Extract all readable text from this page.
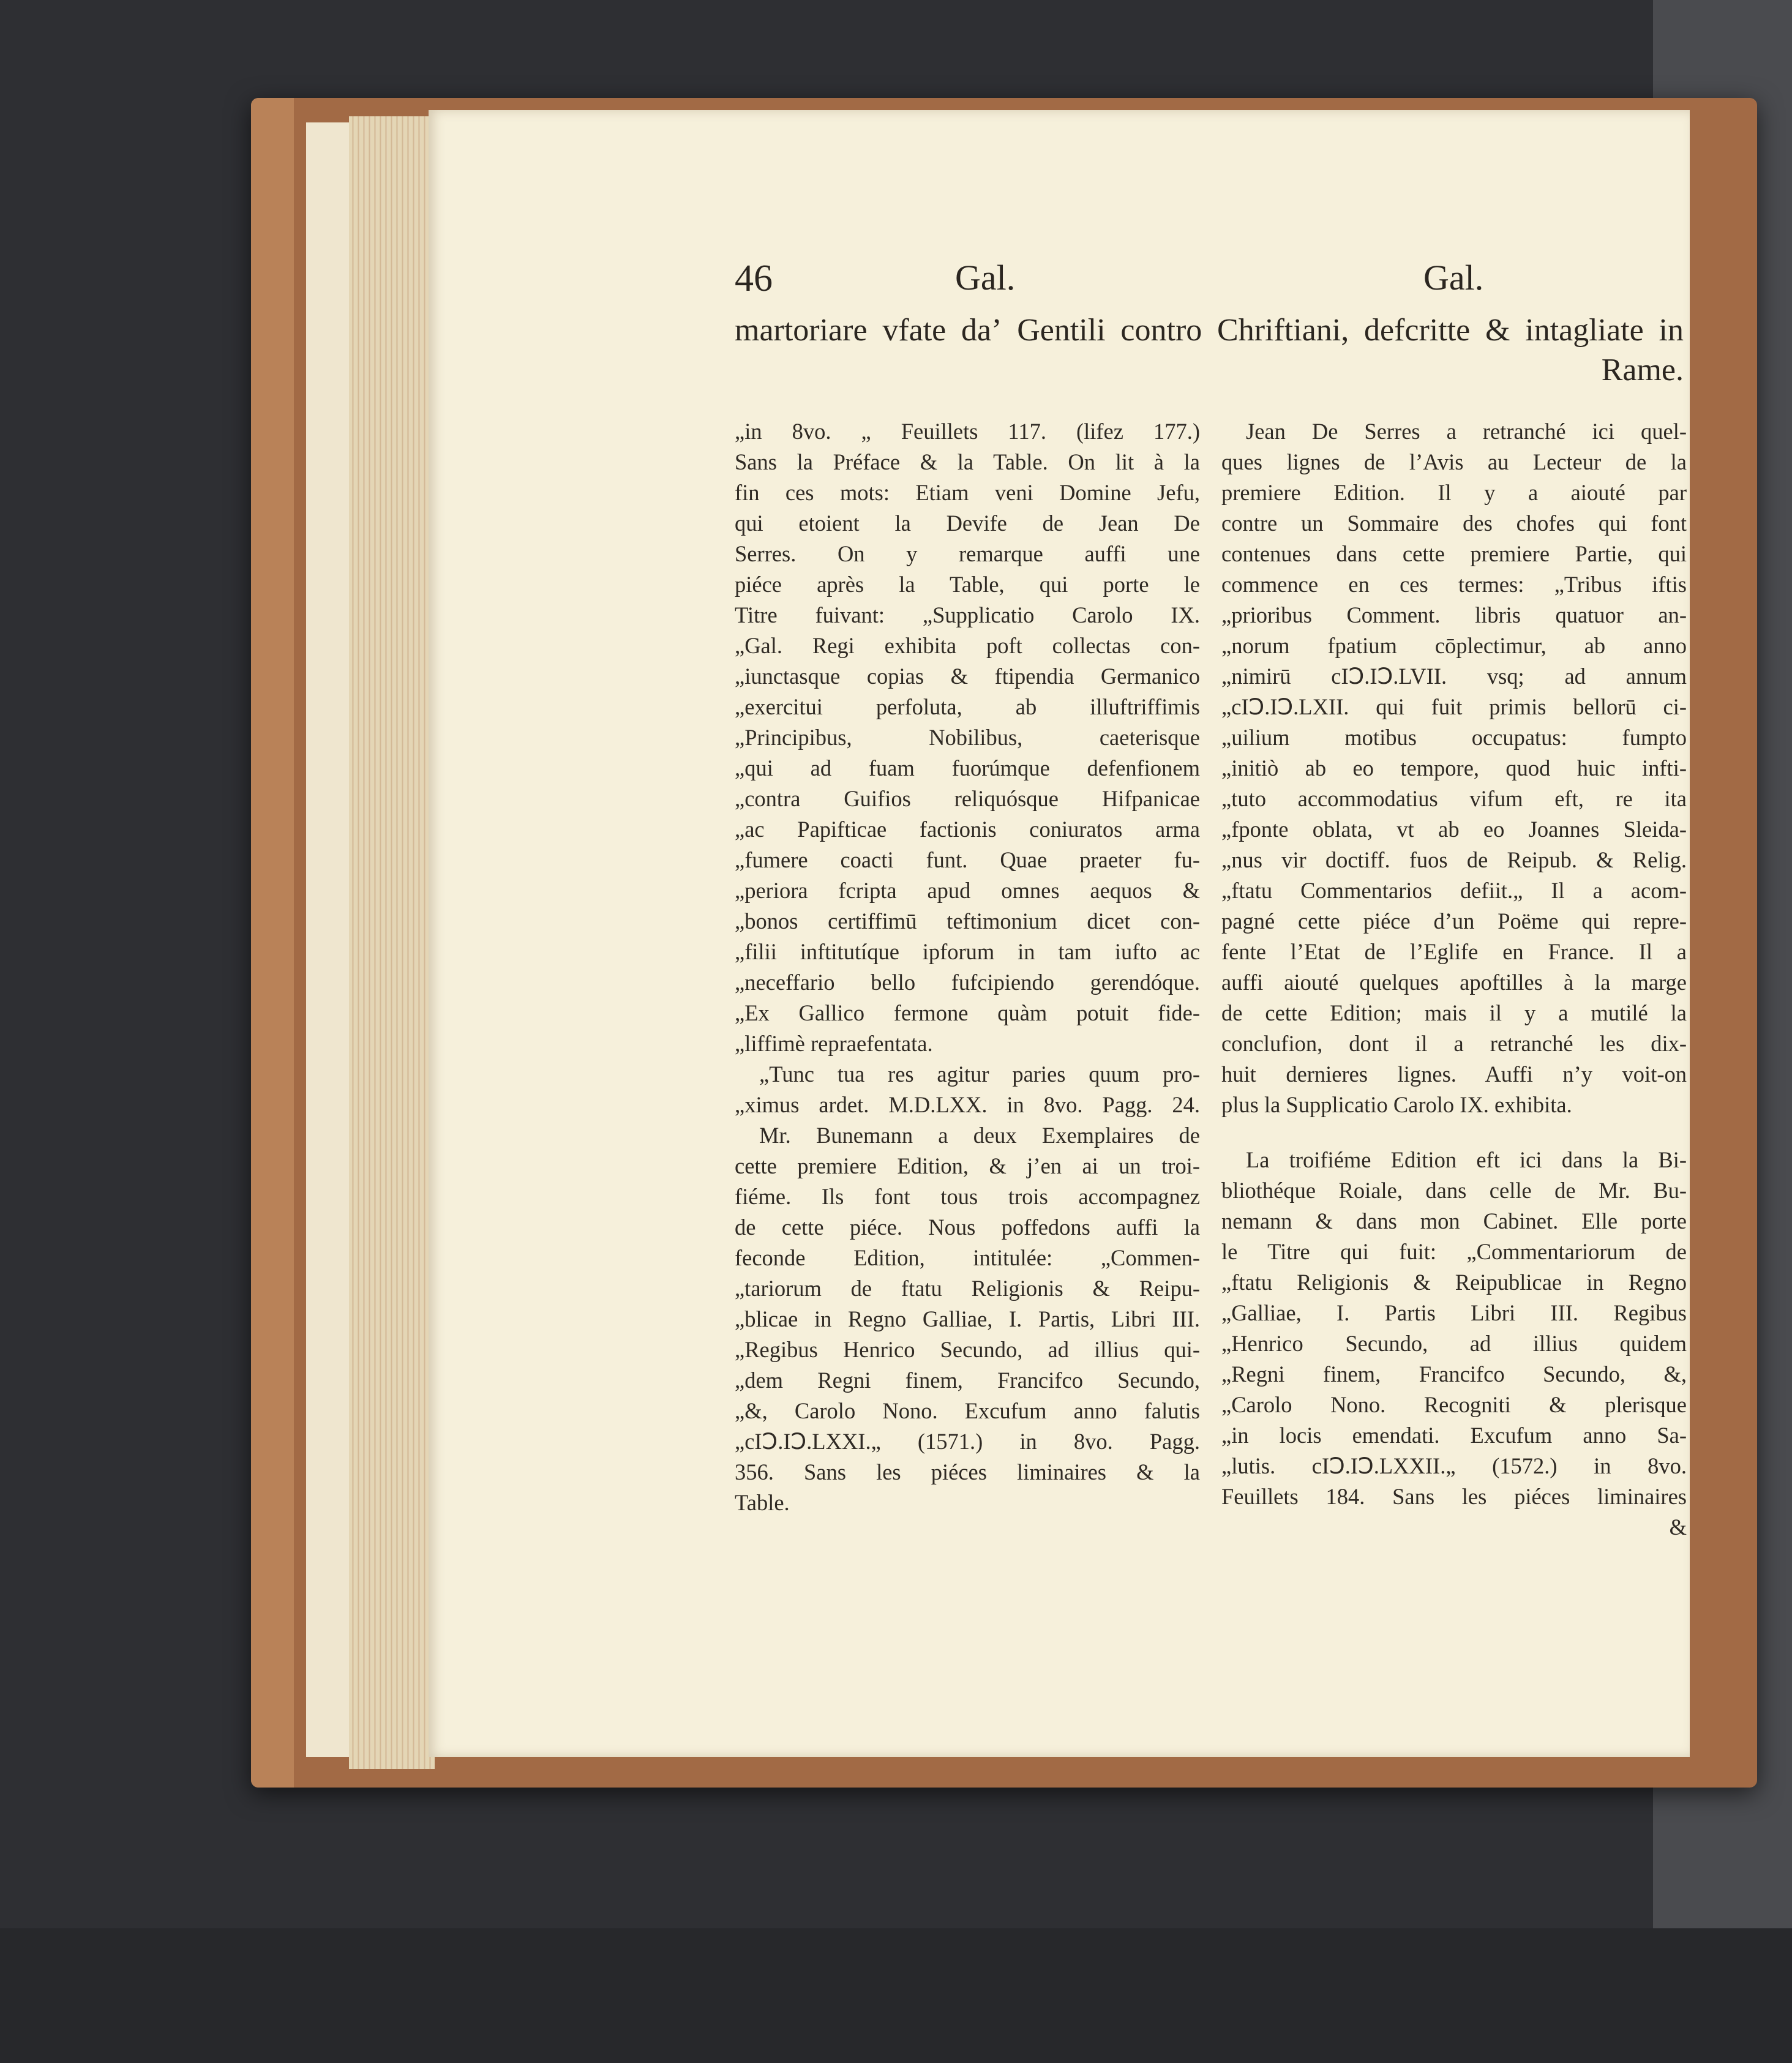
46	Gal.	Gal.
martoriare vfate da’ Gentili contro Chriftiani, defcritte & intagliate in
Rame.
„in 8vo. „ Feuillets 117. (lifez 177.)
Sans la Préface & la Table. On lit à la
fin ces mots: Etiam veni Domine Jefu,
qui etoient la Devife de Jean De
Serres. On y remarque auffi une
piéce après la Table, qui porte le
Titre fuivant: „Supplicatio Carolo IX.
„Gal. Regi exhibita poft collectas con-
„iunctasque copias & ftipendia Germanico
„exercitui perfoluta, ab illuftriffimis
„Principibus, Nobilibus, caeterisque
„qui ad fuam fuorúmque defenfionem
„contra Guifios reliquósque Hifpanicae
„ac Papifticae factionis coniuratos arma
„fumere coacti funt. Quae praeter fu-
„periora fcripta apud omnes aequos &
„bonos certiffimū teftimonium dicet con-
„filii inftitutíque ipforum in tam iufto ac
„neceffario bello fufcipiendo gerendóque.
„Ex Gallico fermone quàm potuit fide-
„liffimè repraefentata.
„Tunc tua res agitur paries quum pro-
„ximus ardet. M.D.LXX. in 8vo. Pagg. 24.
Mr. Bunemann a deux Exemplaires de
cette premiere Edition, & j’en ai un troi-
fiéme. Ils font tous trois accompagnez
de cette piéce. Nous poffedons auffi la
feconde Edition, intitulée: „Commen-
„tariorum de ftatu Religionis & Reipu-
„blicae in Regno Galliae, I. Partis, Libri III.
„Regibus Henrico Secundo, ad illius qui-
„dem Regni finem, Francifco Secundo,
„&, Carolo Nono. Excufum anno falutis
„cIↃ.IↃ.LXXI.„ (1571.) in 8vo. Pagg.
356. Sans les piéces liminaires & la
Table.
Jean De Serres a retranché ici quel-
ques lignes de l’Avis au Lecteur de la
premiere Edition. Il y a aiouté par
contre un Sommaire des chofes qui font
contenues dans cette premiere Partie, qui
commence en ces termes: „Tribus iftis
„prioribus Comment. libris quatuor an-
„norum fpatium cōplectimur, ab anno
„nimirū cIↃ.IↃ.LVII. vsq; ad annum
„cIↃ.IↃ.LXII. qui fuit primis bellorū ci-
„uilium motibus occupatus: fumpto
„initiò ab eo tempore, quod huic infti-
„tuto accommodatius vifum eft, re ita
„fponte oblata, vt ab eo Joannes Sleida-
„nus vir doctiff. fuos de Reipub. & Relig.
„ftatu Commentarios defiit.„ Il a acom-
pagné cette piéce d’un Poëme qui repre-
fente l’Etat de l’Eglife en France. Il a
auffi aiouté quelques apoftilles à la marge
de cette Edition; mais il y a mutilé la
conclufion, dont il a retranché les dix-
huit dernieres lignes. Auffi n’y voit-on
plus la Supplicatio Carolo IX. exhibita.
La troifiéme Edition eft ici dans la Bi-
bliothéque Roiale, dans celle de Mr. Bu-
nemann & dans mon Cabinet. Elle porte
le Titre qui fuit: „Commentariorum de
„ftatu Religionis & Reipublicae in Regno
„Galliae, I. Partis Libri III. Regibus
„Henrico Secundo, ad illius quidem
„Regni finem, Francifco Secundo, &,
„Carolo Nono. Recogniti & plerisque
„in locis emendati. Excufum anno Sa-
„lutis. cIↃ.IↃ.LXXII.„ (1572.) in 8vo.
Feuillets 184. Sans les piéces liminaires
&
